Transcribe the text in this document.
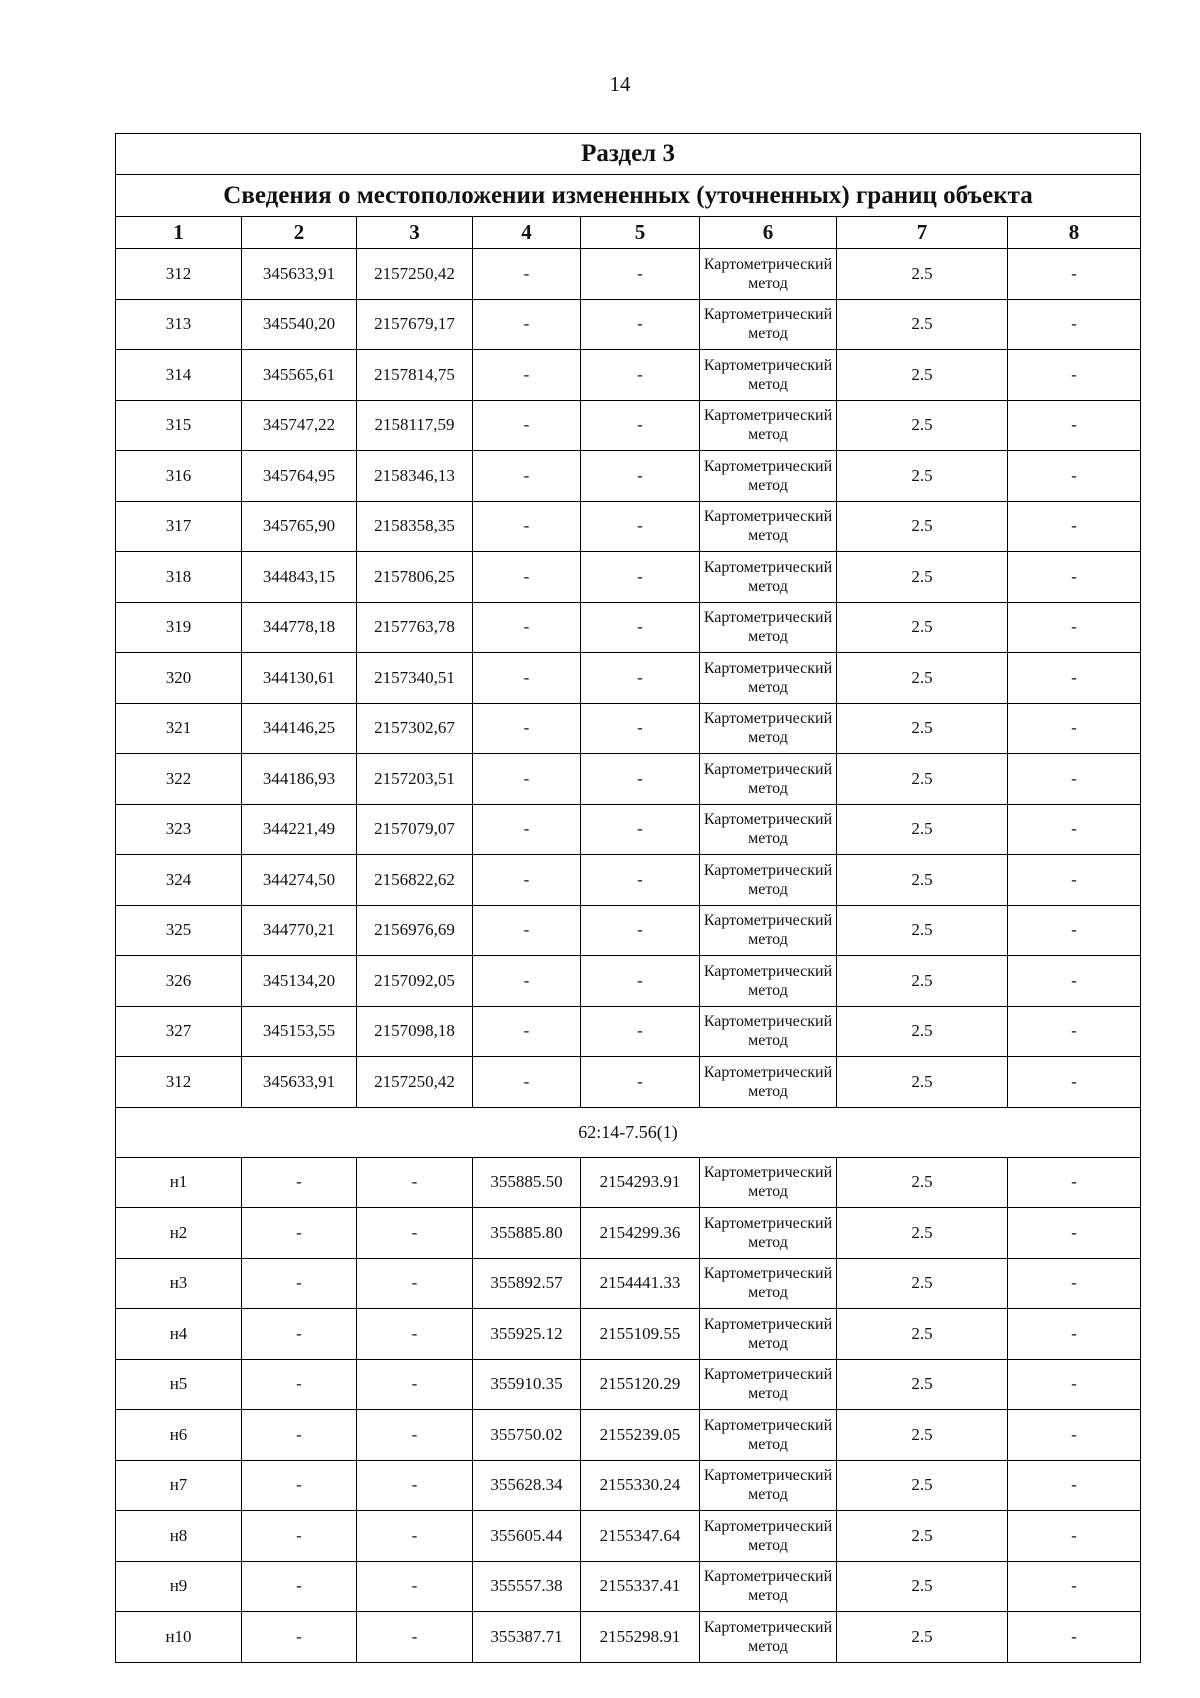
14
Раздел 3							
Сведения о местоположении измененных (уточненных) границ объекта							
1	2	3	4	5	6	7	8
312	345633,91	2157250,42	-	-	Картометрический метод	2.5	-
313	345540,20	2157679,17	-	-	Картометрический метод	2.5	-
314	345565,61	2157814,75	-	-	Картометрический метод	2.5	-
315	345747,22	2158117,59	-	-	Картометрический метод	2.5	-
316	345764,95	2158346,13	-	-	Картометрический метод	2.5	-
317	345765,90	2158358,35	-	-	Картометрический метод	2.5	-
318	344843,15	2157806,25	-	-	Картометрический метод	2.5	-
319	344778,18	2157763,78	-	-	Картометрический метод	2.5	-
320	344130,61	2157340,51	-	-	Картометрический метод	2.5	-
321	344146,25	2157302,67	-	-	Картометрический метод	2.5	-
322	344186,93	2157203,51	-	-	Картометрический метод	2.5	-
323	344221,49	2157079,07	-	-	Картометрический метод	2.5	-
324	344274,50	2156822,62	-	-	Картометрический метод	2.5	-
325	344770,21	2156976,69	-	-	Картометрический метод	2.5	-
326	345134,20	2157092,05	-	-	Картометрический метод	2.5	-
327	345153,55	2157098,18	-	-	Картометрический метод	2.5	-
312	345633,91	2157250,42	-	-	Картометрический метод	2.5	-
62:14-7.56(1)							
н1	-	-	355885.50	2154293.91	Картометрический метод	2.5	-
н2	-	-	355885.80	2154299.36	Картометрический метод	2.5	-
н3	-	-	355892.57	2154441.33	Картометрический метод	2.5	-
н4	-	-	355925.12	2155109.55	Картометрический метод	2.5	-
н5	-	-	355910.35	2155120.29	Картометрический метод	2.5	-
н6	-	-	355750.02	2155239.05	Картометрический метод	2.5	-
н7	-	-	355628.34	2155330.24	Картометрический метод	2.5	-
н8	-	-	355605.44	2155347.64	Картометрический метод	2.5	-
н9	-	-	355557.38	2155337.41	Картометрический метод	2.5	-
н10	-	-	355387.71	2155298.91	Картометрический метод	2.5	-
